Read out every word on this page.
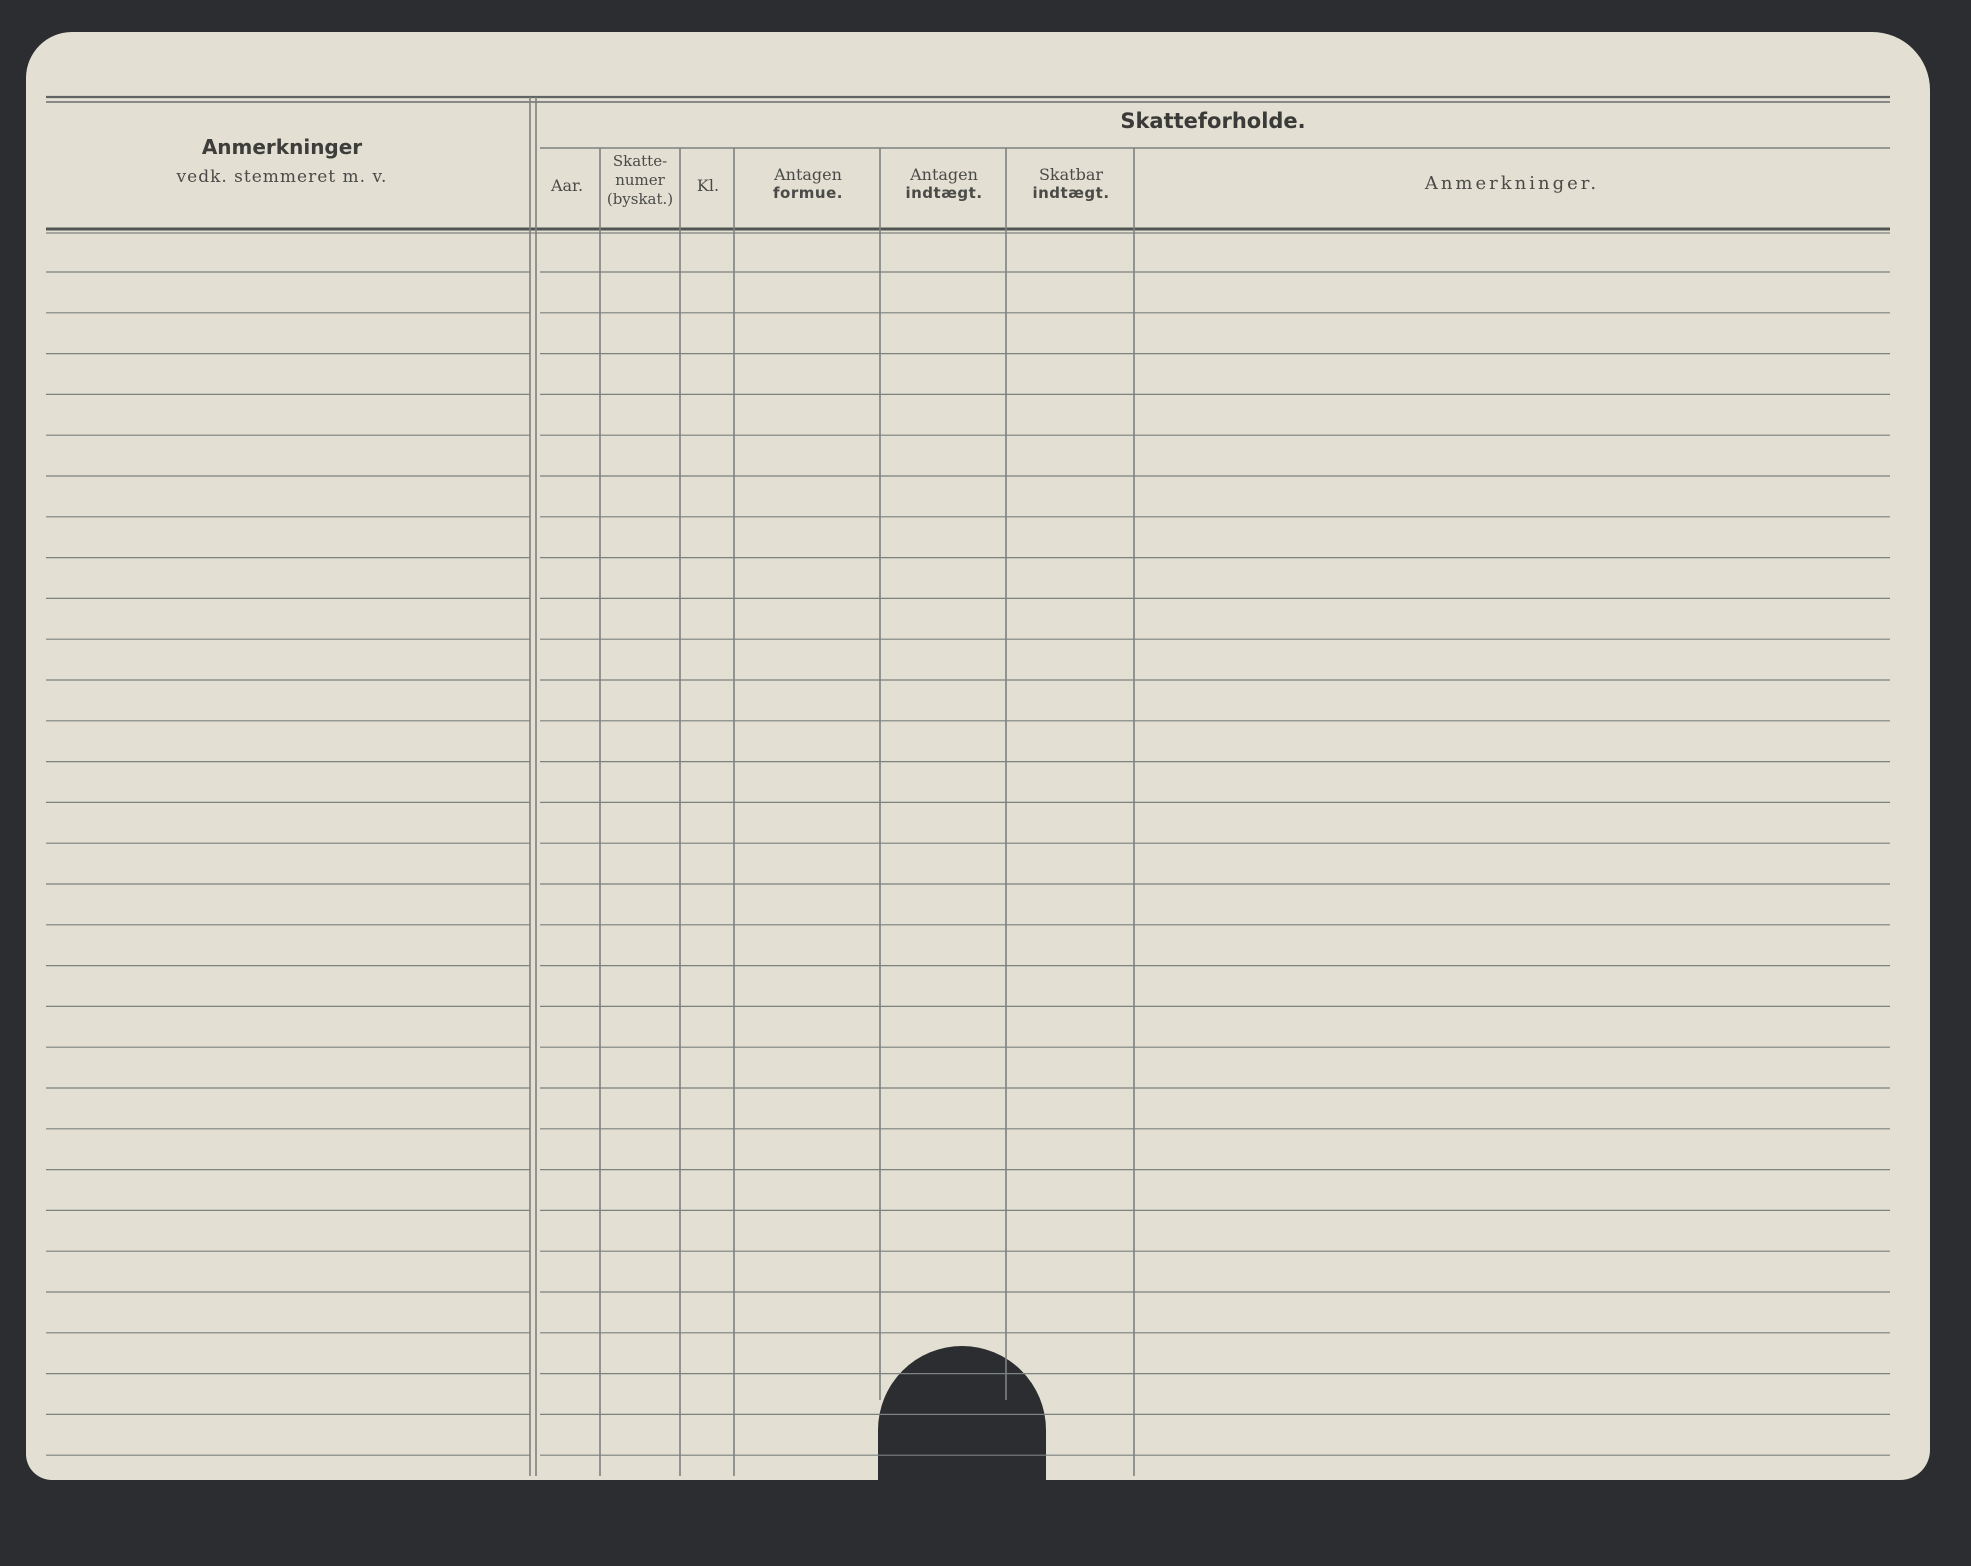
Anmerkninger
vedk. stemmeret m. v.
Skatteforholde.
Aar.
Skatte-
numer
(byskat.)
Kl.
Antagen
formue.
Antagen
indtægt.
Skatbar
indtægt.	Anmerkninger.
